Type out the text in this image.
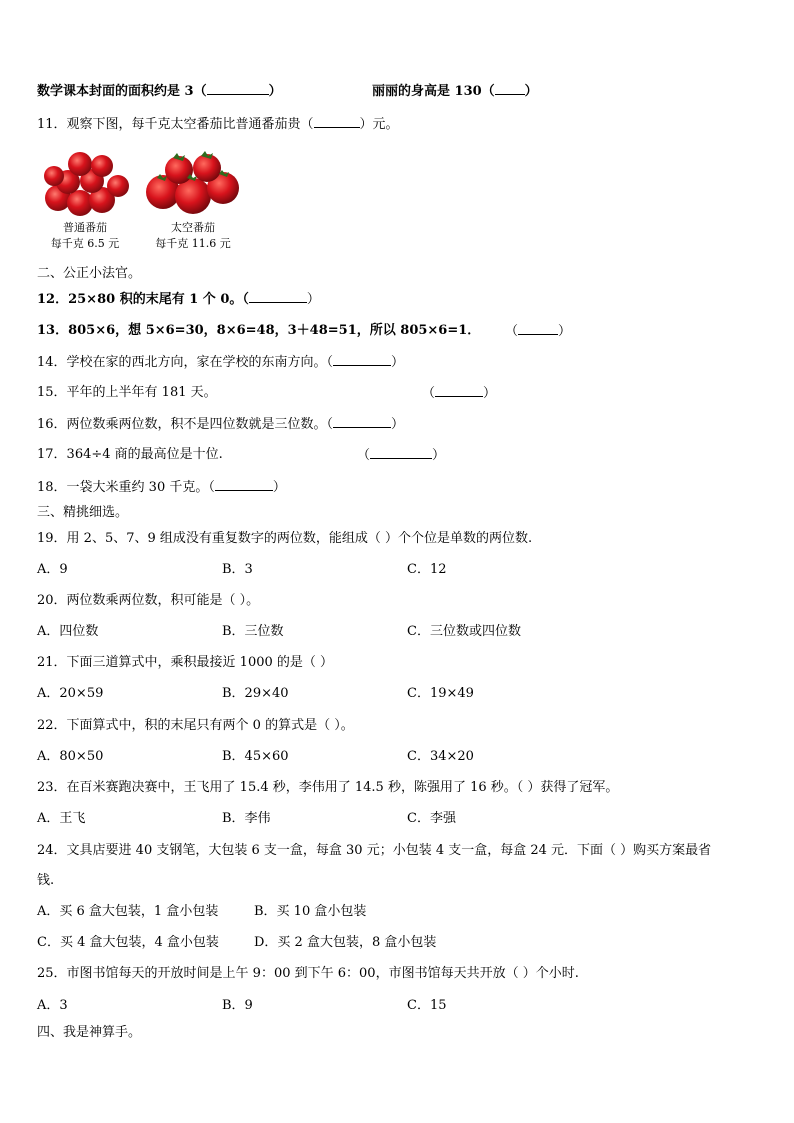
数学课本封面的面积约是 3（	）	丽丽的身高是 130（ ）
11．观察下图，每千克太空番茄比普通番茄贵（	）元。
普通番茄
每千克 6.5 元
太空番茄
每千克 11.6 元
二、公正小法官。
12．25×80 积的末尾有 1 个 0。（	）
13．805×6，想 5×6=30，8×6=48，3＋48=51，所以 805×6=1． （	）
14．学校在家的西北方向，家在学校的东南方向。（	）
15．平年的上半年有 181 天。	（	）
16．两位数乘两位数，积不是四位数就是三位数。（	）
17．364÷4 商的最高位是十位.	（	）
18．一袋大米重约 30 千克。（	）
三、精挑细选。
19．用 2、5、7、9 组成没有重复数字的两位数，能组成（ ）个个位是单数的两位数.
A．9	B．3	C．12
20．两位数乘两位数，积可能是（ ）。
A．四位数	B．三位数	C．三位数或四位数
21．下面三道算式中，乘积最接近 1000 的是（ ）
A．20×59	B．29×40	C．19×49
22．下面算式中，积的末尾只有两个 0 的算式是（ ）。
A．80×50	B．45×60	C．34×20
23．在百米赛跑决赛中，王飞用了 15.4 秒，李伟用了 14.5 秒，陈强用了 16 秒。（ ）获得了冠军。
A．王飞	B．李伟	C．李强
24．文具店要进 40 支钢笔，大包装 6 支一盒，每盒 30 元；小包装 4 支一盒，每盒 24 元．下面（ ）购买方案最省
钱.
A．买 6 盒大包装，1 盒小包装	B．买 10 盒小包装
C．买 4 盒大包装，4 盒小包装	D．买 2 盒大包装，8 盒小包装
25．市图书馆每天的开放时间是上午 9：00 到下午 6：00，市图书馆每天共开放（ ）个小时.
A．3	B．9	C．15
四、我是神算手。
